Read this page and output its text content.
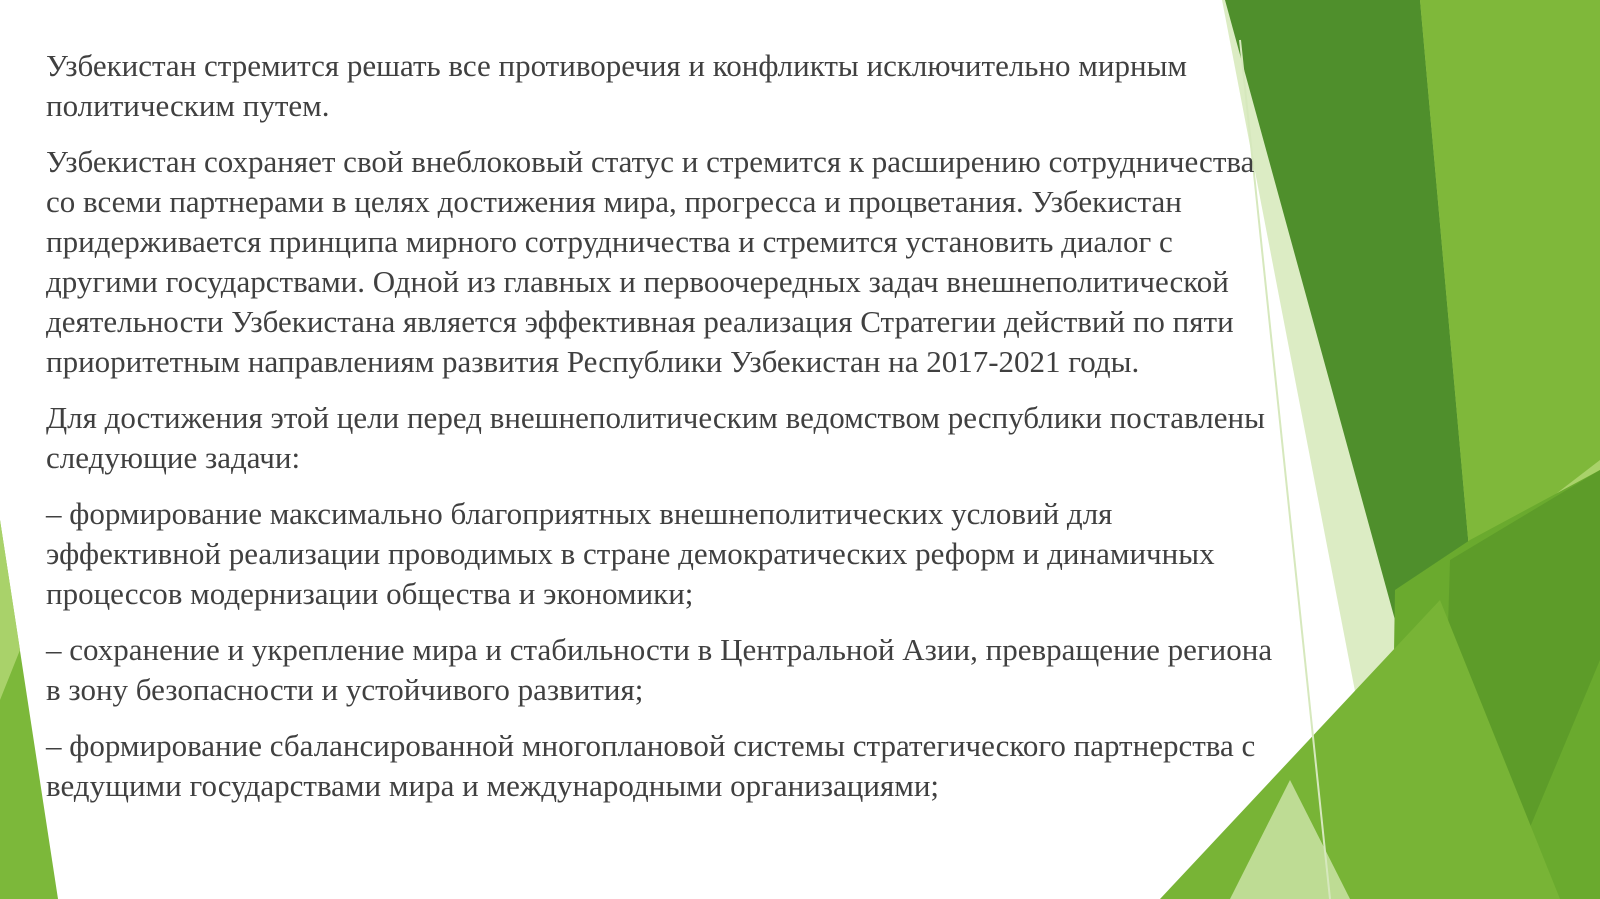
Узбекистан стремится решать все противоречия и конфликты исключительно мирным политическим путем.

Узбекистан сохраняет свой внеблоковый статус и стремится к расширению сотрудничества со всеми партнерами в целях достижения мира, прогресса и процветания. Узбекистан придерживается принципа мирного сотрудничества и стремится установить диалог с другими государствами. Одной из главных и первоочередных задач внешнеполитической деятельности Узбекистана является эффективная реализация Стратегии действий по пяти приоритетным направлениям развития Республики Узбекистан на 2017-2021 годы.

Для достижения этой цели перед внешнеполитическим ведомством республики поставлены следующие задачи:

– формирование максимально благоприятных внешнеполитических условий для эффективной реализации проводимых в стране демократических реформ и динамичных процессов модернизации общества и экономики;

– сохранение и укрепление мира и стабильности в Центральной Азии, превращение региона в зону безопасности и устойчивого развития;

– формирование сбалансированной многоплановой системы стратегического партнерства с ведущими государствами мира и международными организациями;
